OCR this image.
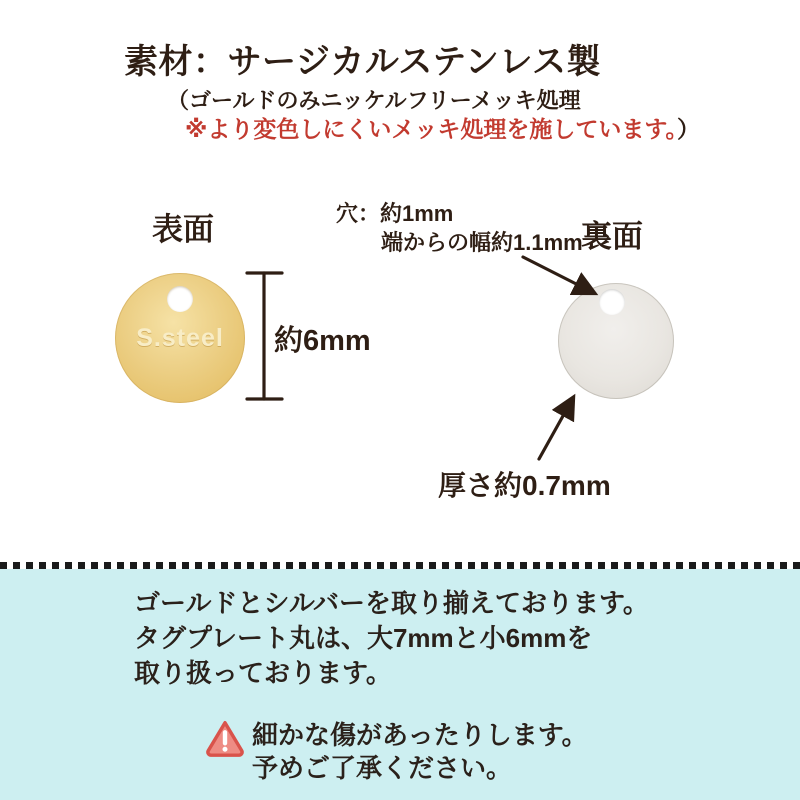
素材：サージカルステンレス製
（ゴールドのみニッケルフリーメッキ処理
※より変色しにくいメッキ処理を施しています。）
表面	裏面
穴：約1mm
端からの幅約1.1mm
S.steel	約6mm
厚さ約0.7mm
ゴールドとシルバーを取り揃えております。
タグプレート丸は、大7mmと小6mmを
取り扱っております。
細かな傷があったりします。
予めご了承ください。
